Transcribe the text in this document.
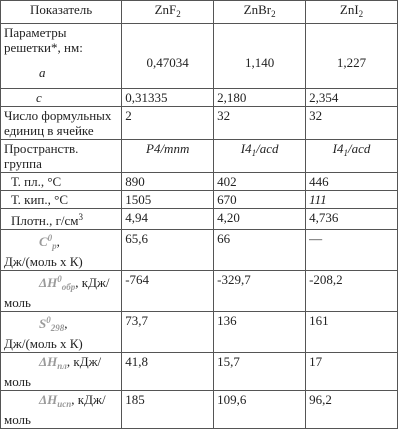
Показатель	ZnF$_2$	ZnBr$_2$	ZnI$_2$

Параметры решетки*, нм:
a	0,47034	1,140	1,227
c	0,31335	2,180	2,354
Число формульных единиц в ячейке	2	32	32
Пространств. группа	P4/mnm	$I4_1$/acd	$I4_1$/acd
Т. пл., °С	890	402	446
Т. кип., °С	1505	670	111
Плотн., $г/см^3$	4,94	4,20	4,736

$C^0_p$,
Дж/(моль х К)	65,6	66	—

$\Delta H^0_{обр}$, кДж/
моль	-764	-329,7	-208,2

$S^0_{298}$,
Дж/(моль х К)	73,7	136	161

$\Delta H_{пл}$, кДж/
моль	41,8	15,7	17

$\Delta H_{исп}$, кДж/
моль	185	109,6	96,2
